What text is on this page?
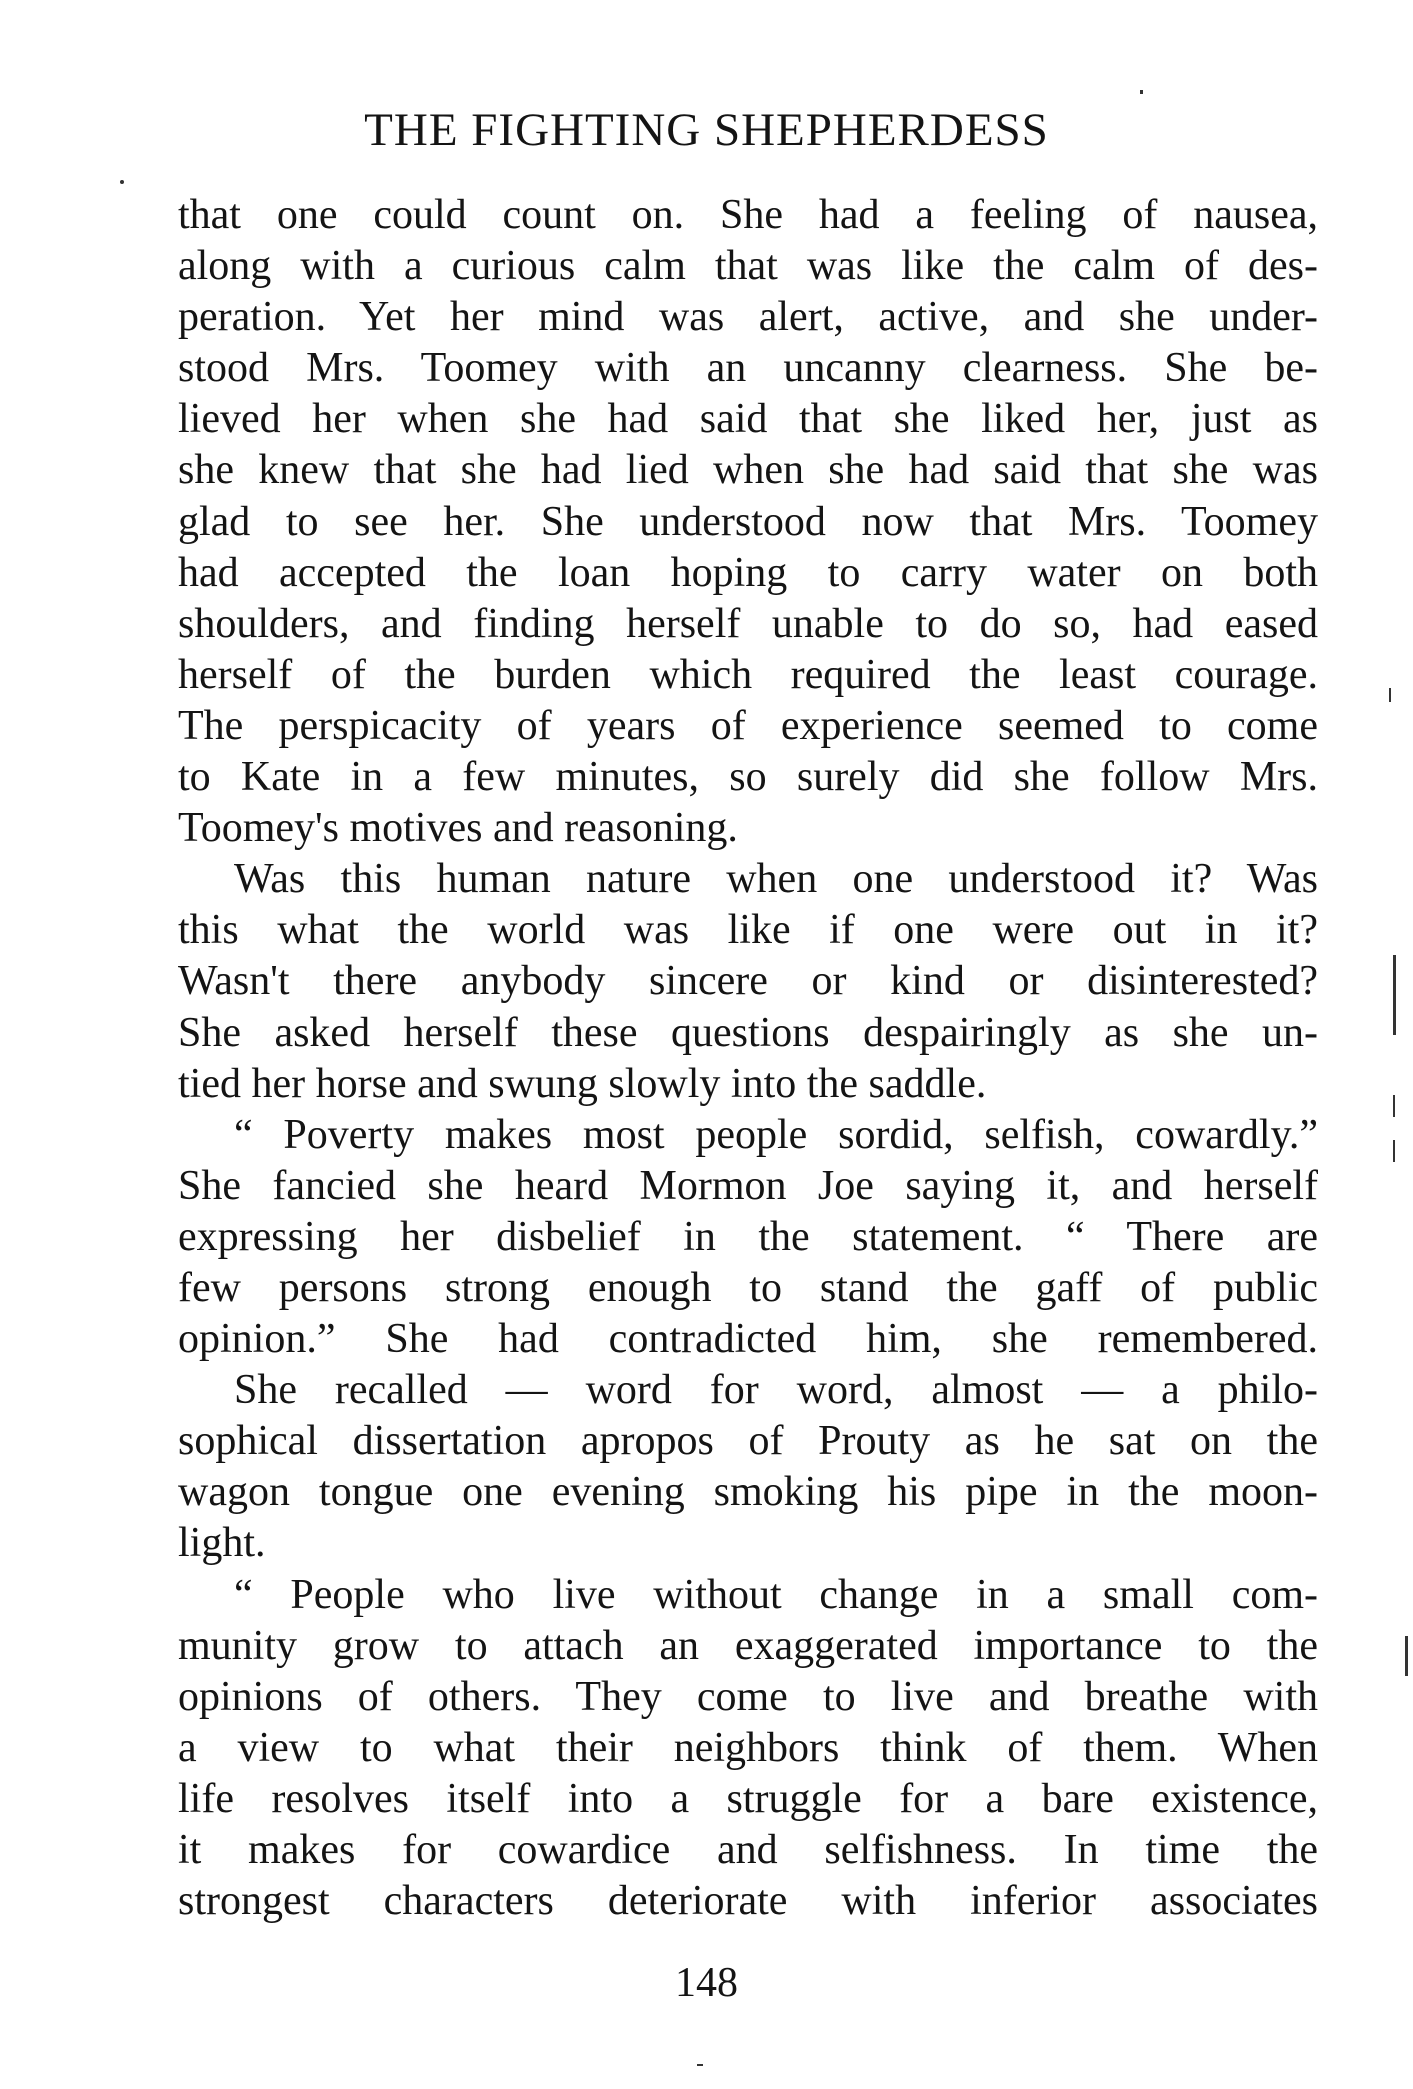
THE FIGHTING SHEPHERDESS
that one could count on. She had a feeling of nausea,
along with a curious calm that was like the calm of des-
peration. Yet her mind was alert, active, and she under-
stood Mrs. Toomey with an uncanny clearness. She be-
lieved her when she had said that she liked her, just as
she knew that she had lied when she had said that she was
glad to see her. She understood now that Mrs. Toomey
had accepted the loan hoping to carry water on both
shoulders, and finding herself unable to do so, had eased
herself of the burden which required the least courage.
The perspicacity of years of experience seemed to come
to Kate in a few minutes, so surely did she follow Mrs.
Toomey's motives and reasoning.
Was this human nature when one understood it? Was
this what the world was like if one were out in it?
Wasn't there anybody sincere or kind or disinterested?
She asked herself these questions despairingly as she un-
tied her horse and swung slowly into the saddle.
“ Poverty makes most people sordid, selfish, cowardly.”
She fancied she heard Mormon Joe saying it, and herself
expressing her disbelief in the statement. “ There are
few persons strong enough to stand the gaff of public
opinion.” She had contradicted him, she remembered.
She recalled — word for word, almost — a philo-
sophical dissertation apropos of Prouty as he sat on the
wagon tongue one evening smoking his pipe in the moon-
light.
“ People who live without change in a small com-
munity grow to attach an exaggerated importance to the
opinions of others. They come to live and breathe with
a view to what their neighbors think of them. When
life resolves itself into a struggle for a bare existence,
it makes for cowardice and selfishness. In time the
strongest characters deteriorate with inferior associates
148
